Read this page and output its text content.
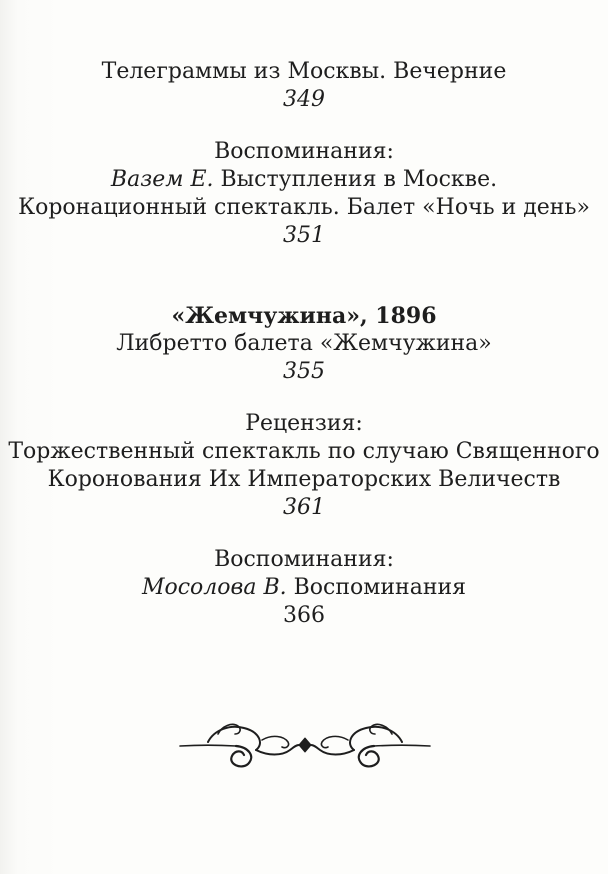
Телеграммы из Москвы. Вечерние
349
Воспоминания:
Вазем Е. Выступления в Москве.
Коронационный спектакль. Балет «Ночь и день»
351
«Жемчужина», 1896
Либретто балета «Жемчужина»
355
Рецензия:
Торжественный спектакль по случаю Священного
Коронования Их Императорских Величеств
361
Воспоминания:
Мосолова В. Воспоминания
366
